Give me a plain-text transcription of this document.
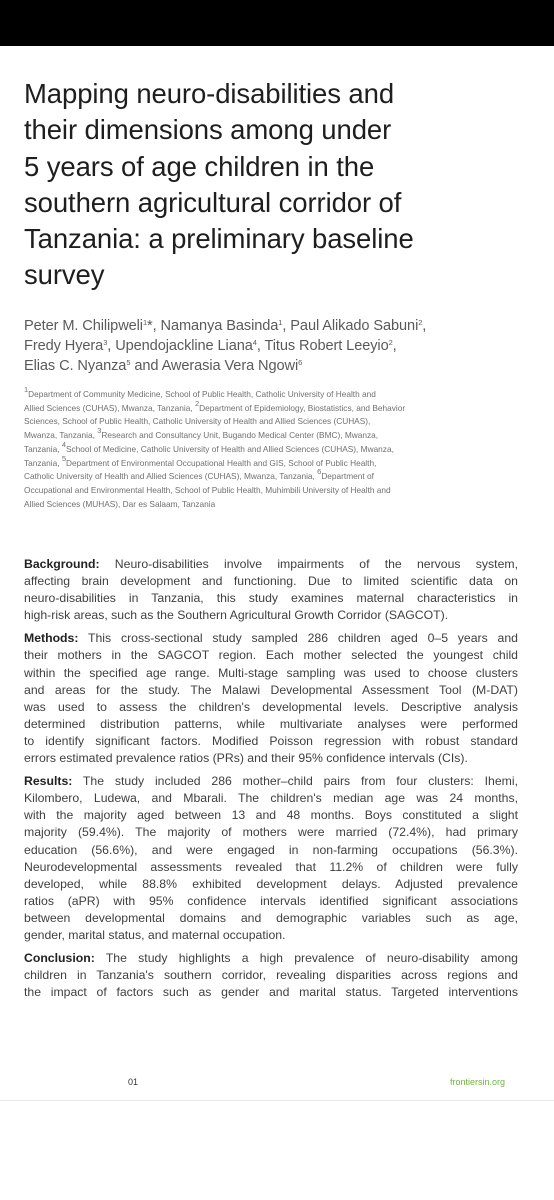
Mapping neuro-disabilities and
their dimensions among under
5 years of age children in the
southern agricultural corridor of
Tanzania: a preliminary baseline
survey
Peter M. Chilipweli$^1$*, Namanya Basinda$^1$, Paul Alikado Sabuni$^2$,
Fredy Hyera$^3$, Upendojackline Liana$^4$, Titus Robert Leeyio$^2$,
Elias C. Nyanza$^5$ and Awerasia Vera Ngowi$^6$
$^1$Department of Community Medicine, School of Public Health, Catholic University of Health and
Allied Sciences (CUHAS), Mwanza, Tanzania, $^2$Department of Epidemiology, Biostatistics, and Behavior
Sciences, School of Public Health, Catholic University of Health and Allied Sciences (CUHAS),
Mwanza, Tanzania, $^3$Research and Consultancy Unit, Bugando Medical Center (BMC), Mwanza,
Tanzania, $^4$School of Medicine, Catholic University of Health and Allied Sciences (CUHAS), Mwanza,
Tanzania, $^5$Department of Environmental Occupational Health and GIS, School of Public Health,
Catholic University of Health and Allied Sciences (CUHAS), Mwanza, Tanzania, $^6$Department of
Occupational and Environmental Health, School of Public Health, Muhimbili University of Health and
Allied Sciences (MUHAS), Dar es Salaam, Tanzania
Background: Neuro-disabilities involve impairments of the nervous system,
affecting brain development and functioning. Due to limited scientific data on
neuro-disabilities in Tanzania, this study examines maternal characteristics in
high-risk areas, such as the Southern Agricultural Growth Corridor (SAGCOT).
Methods: This cross-sectional study sampled 286 children aged 0–5 years and
their mothers in the SAGCOT region. Each mother selected the youngest child
within the specified age range. Multi-stage sampling was used to choose clusters
and areas for the study. The Malawi Developmental Assessment Tool (M-DAT)
was used to assess the children's developmental levels. Descriptive analysis
determined distribution patterns, while multivariate analyses were performed
to identify significant factors. Modified Poisson regression with robust standard
errors estimated prevalence ratios (PRs) and their 95% confidence intervals (CIs).
Results: The study included 286 mother–child pairs from four clusters: Ihemi,
Kilombero, Ludewa, and Mbarali. The children's median age was 24 months,
with the majority aged between 13 and 48 months. Boys constituted a slight
majority (59.4%). The majority of mothers were married (72.4%), had primary
education (56.6%), and were engaged in non-farming occupations (56.3%).
Neurodevelopmental assessments revealed that 11.2% of children were fully
developed, while 88.8% exhibited development delays. Adjusted prevalence
ratios (aPR) with 95% confidence intervals identified significant associations
between developmental domains and demographic variables such as age,
gender, marital status, and maternal occupation.
Conclusion: The study highlights a high prevalence of neuro-disability among
children in Tanzania's southern corridor, revealing disparities across regions and
the impact of factors such as gender and marital status. Targeted interventions
01	frontiersin.org
